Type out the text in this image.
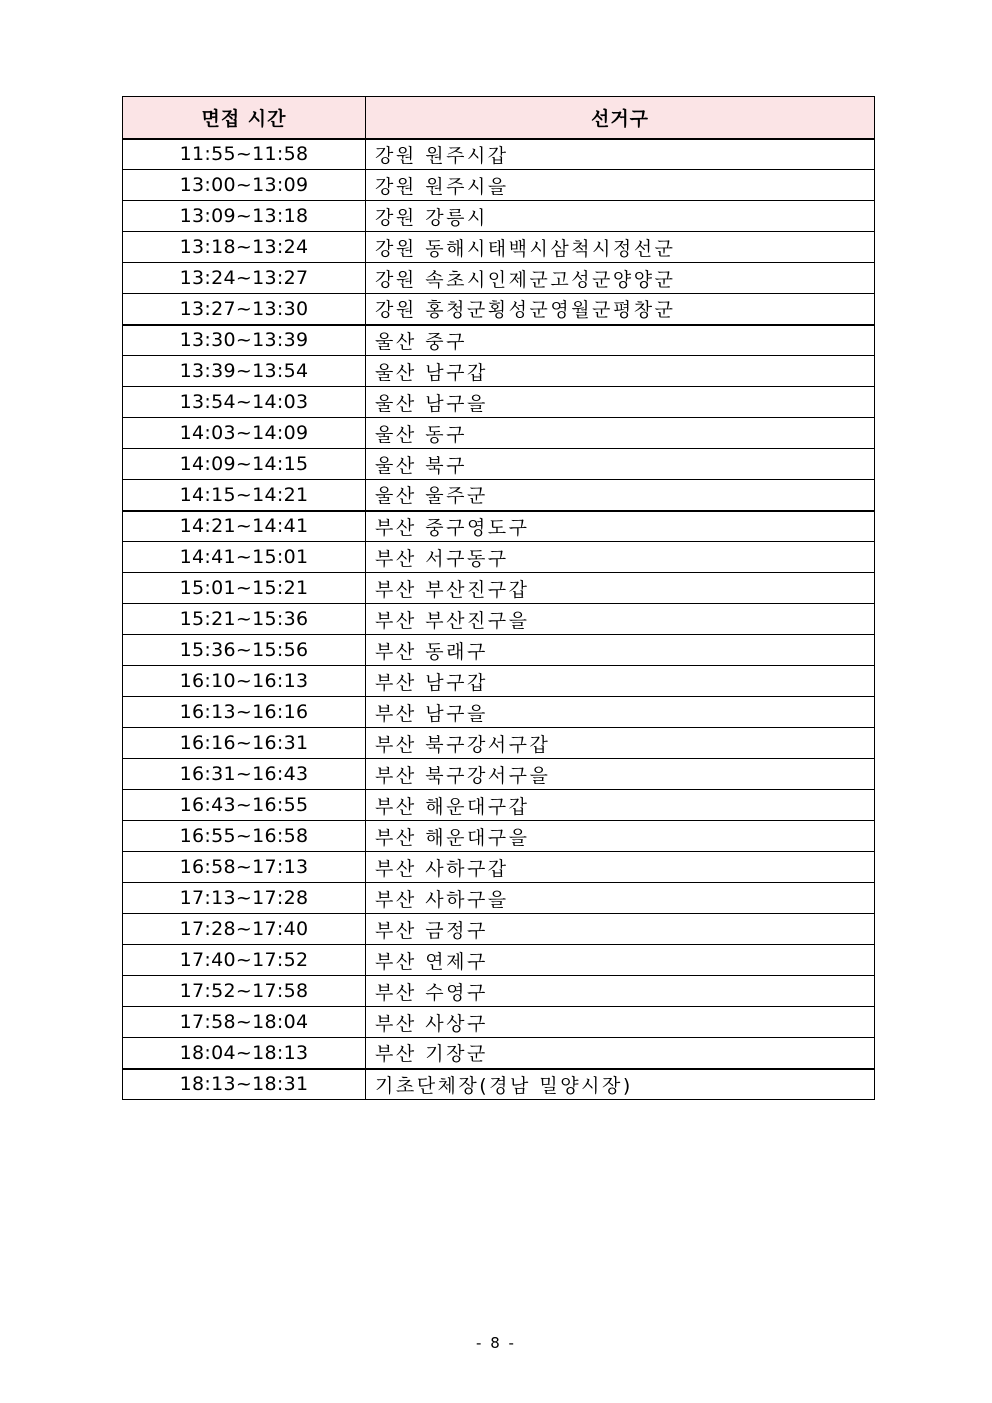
면접 시간	선거구
11:55~11:58	강원 원주시갑
13:00~13:09	강원 원주시을
13:09~13:18	강원 강릉시
13:18~13:24	강원 동해시태백시삼척시정선군
13:24~13:27	강원 속초시인제군고성군양양군
13:27~13:30	강원 홍청군횡성군영월군평창군
13:30~13:39	울산 중구
13:39~13:54	울산 남구갑
13:54~14:03	울산 남구을
14:03~14:09	울산 동구
14:09~14:15	울산 북구
14:15~14:21	울산 울주군
14:21~14:41	부산 중구영도구
14:41~15:01	부산 서구동구
15:01~15:21	부산 부산진구갑
15:21~15:36	부산 부산진구을
15:36~15:56	부산 동래구
16:10~16:13	부산 남구갑
16:13~16:16	부산 남구을
16:16~16:31	부산 북구강서구갑
16:31~16:43	부산 북구강서구을
16:43~16:55	부산 해운대구갑
16:55~16:58	부산 해운대구을
16:58~17:13	부산 사하구갑
17:13~17:28	부산 사하구을
17:28~17:40	부산 금정구
17:40~17:52	부산 연제구
17:52~17:58	부산 수영구
17:58~18:04	부산 사상구
18:04~18:13	부산 기장군
18:13~18:31	기초단체장(경남 밀양시장)
- 8 -
